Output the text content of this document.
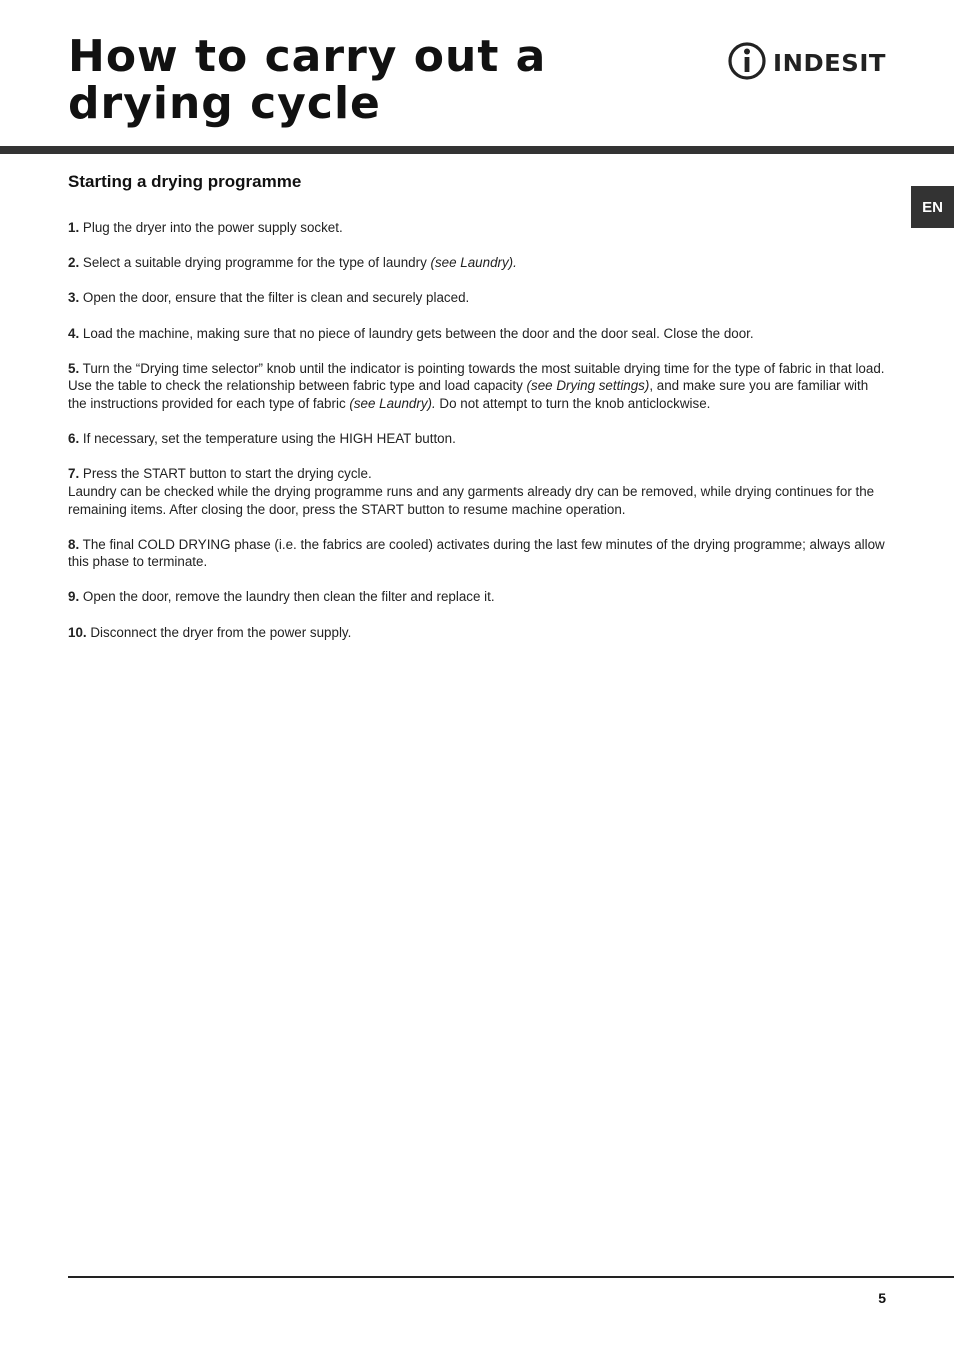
How to carry out a
drying cycle
INDESIT
EN
Starting a drying programme
1. Plug the dryer into the power supply socket.
2. Select a suitable drying programme for the type of laundry (see Laundry).
3. Open the door, ensure that the filter is clean and securely placed.
4. Load the machine, making sure that no piece of laundry gets between the door and the door seal. Close the door.
5. Turn the “Drying time selector” knob until the indicator is pointing towards the most suitable drying time for the type of fabric in that load. Use the table to check the relationship between fabric type and load capacity (see Drying settings), and make sure you are familiar with the instructions provided for each type of fabric (see Laundry). Do not attempt to turn the knob anticlockwise.
6. If necessary, set the temperature using the HIGH HEAT button.
7. Press the START button to start the drying cycle.
Laundry can be checked while the drying programme runs and any garments already dry can be removed, while drying continues for the remaining items. After closing the door, press the START button to resume machine operation.
8. The final COLD DRYING phase (i.e. the fabrics are cooled) activates during the last few minutes of the drying programme; always allow this phase to terminate.
9. Open the door, remove the laundry then clean the filter and replace it.
10. Disconnect the dryer from the power supply.
5
